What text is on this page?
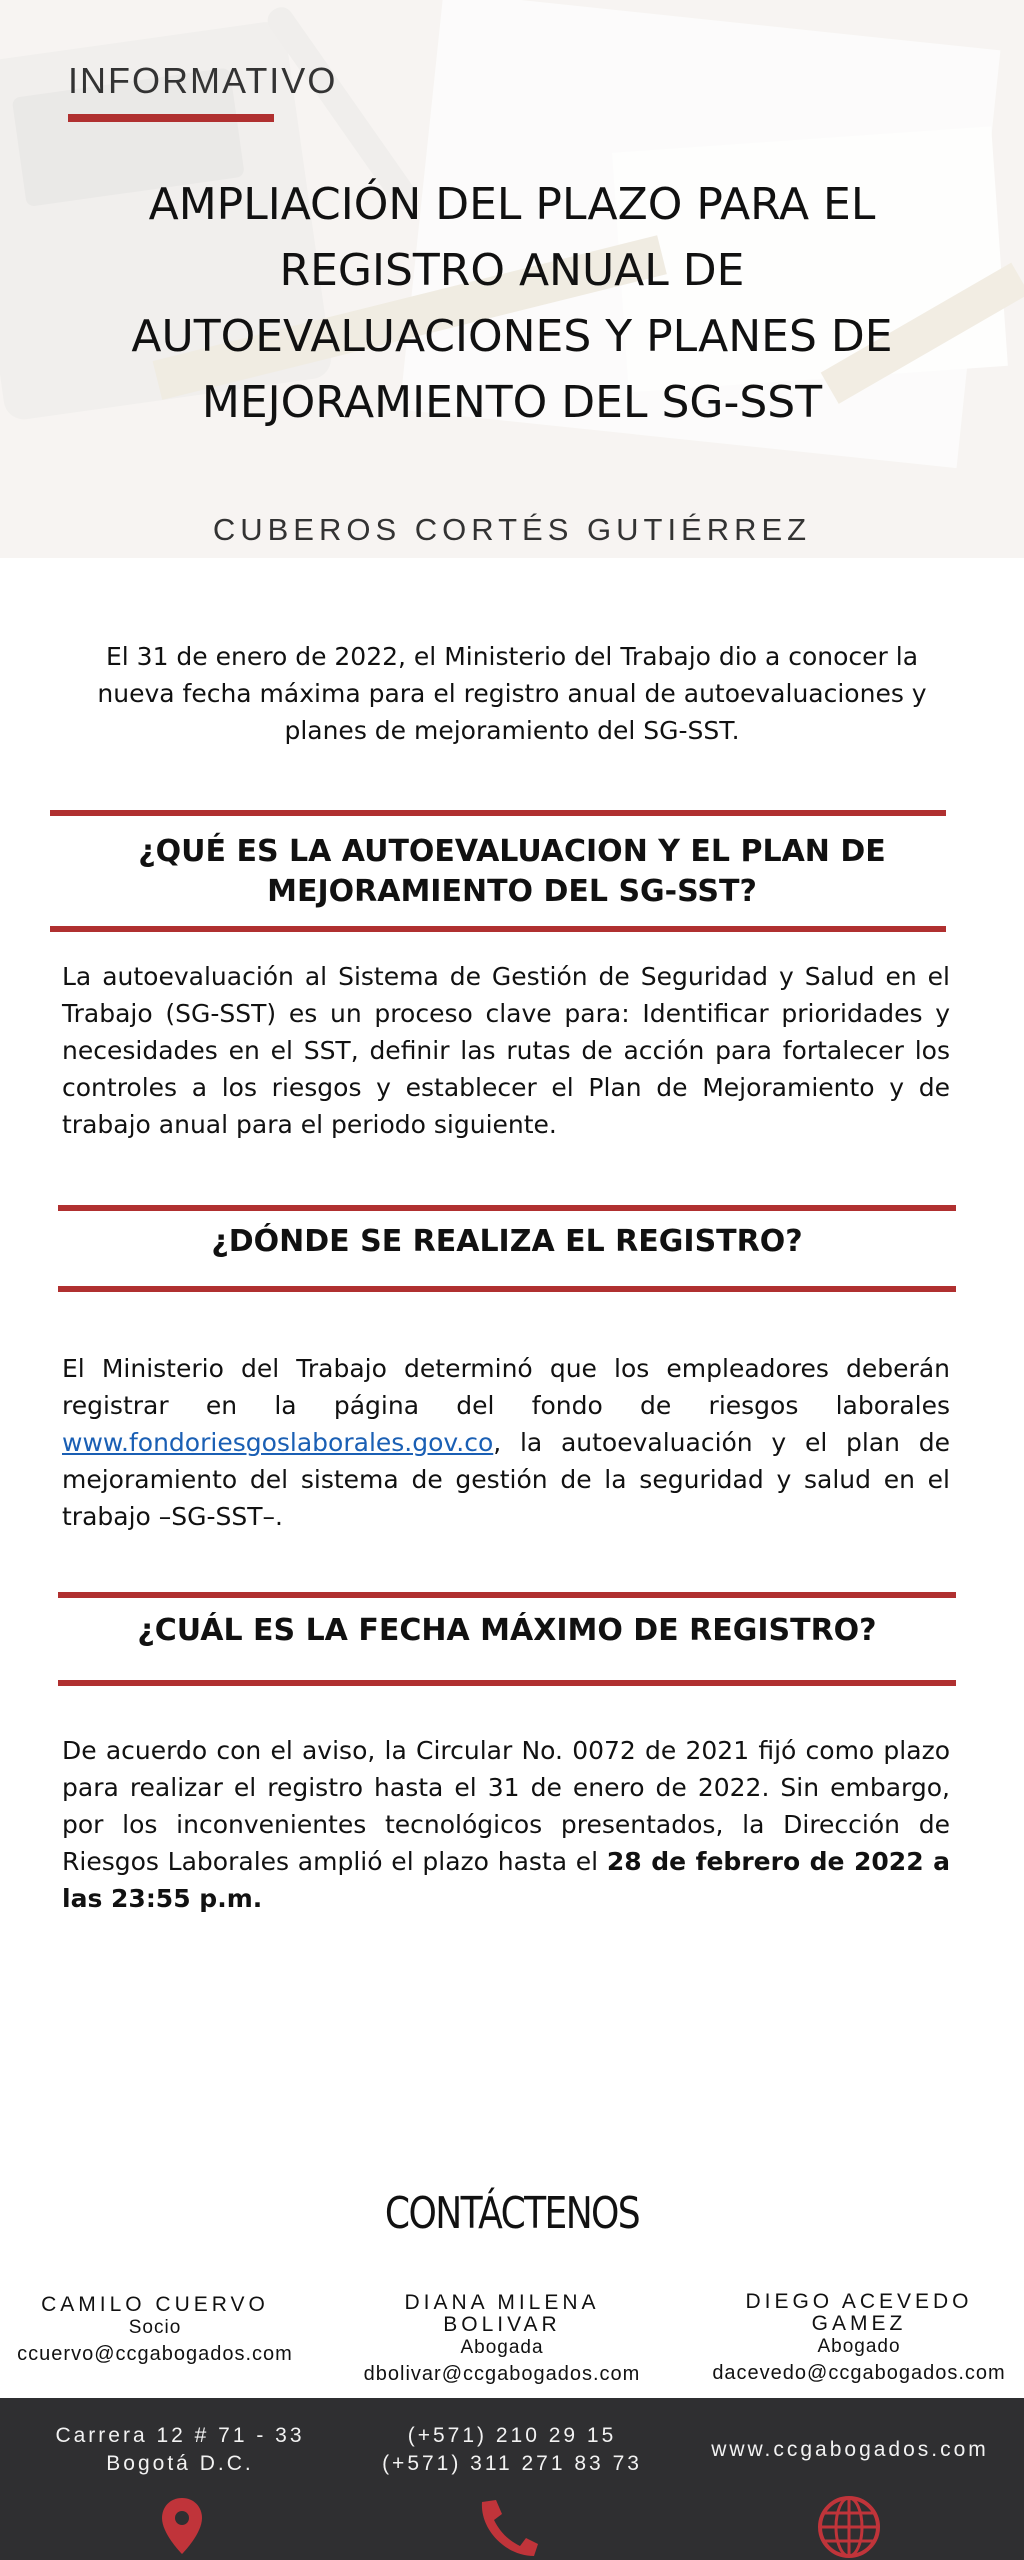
INFORMATIVO
AMPLIACIÓN DEL PLAZO PARA EL REGISTRO ANUAL DE AUTOEVALUACIONES Y PLANES DE MEJORAMIENTO DEL SG-SST
CUBEROS CORTÉS GUTIÉRREZ

El 31 de enero de 2022, el Ministerio del Trabajo dio a conocer la nueva fecha máxima para el registro anual de autoevaluaciones y planes de mejoramiento del SG-SST.

¿QUÉ ES LA AUTOEVALUACION Y EL PLAN DE MEJORAMIENTO DEL SG-SST?

La autoevaluación al Sistema de Gestión de Seguridad y Salud en el Trabajo (SG-SST) es un proceso clave para: Identificar prioridades y necesidades en el SST, definir las rutas de acción para fortalecer los controles a los riesgos y establecer el Plan de Mejoramiento y de trabajo anual para el periodo siguiente.

¿DÓNDE SE REALIZA EL REGISTRO?

El Ministerio del Trabajo determinó que los empleadores deberán registrar en la página del fondo de riesgos laborales www.fondoriesgoslaborales.gov.co, la autoevaluación y el plan de mejoramiento del sistema de gestión de la seguridad y salud en el trabajo –SG-SST–.

¿CUÁL ES LA FECHA MÁXIMO DE REGISTRO?

De acuerdo con el aviso, la Circular No. 0072 de 2021 fijó como plazo para realizar el registro hasta el 31 de enero de 2022. Sin embargo, por los inconvenientes tecnológicos presentados, la Dirección de Riesgos Laborales amplió el plazo hasta el 28 de febrero de 2022 a las 23:55 p.m.

CONTÁCTENOS
CAMILO CUERVO
Socio
ccuervo@ccgabogados.com
DIANA MILENA
BOLIVAR
Abogada
dbolivar@ccgabogados.com
DIEGO ACEVEDO
GAMEZ
Abogado
dacevedo@ccgabogados.com
Carrera 12 # 71 - 33
Bogotá D.C.
(+571) 210 29 15
(+571) 311 271 83 73
www.ccgabogados.com
